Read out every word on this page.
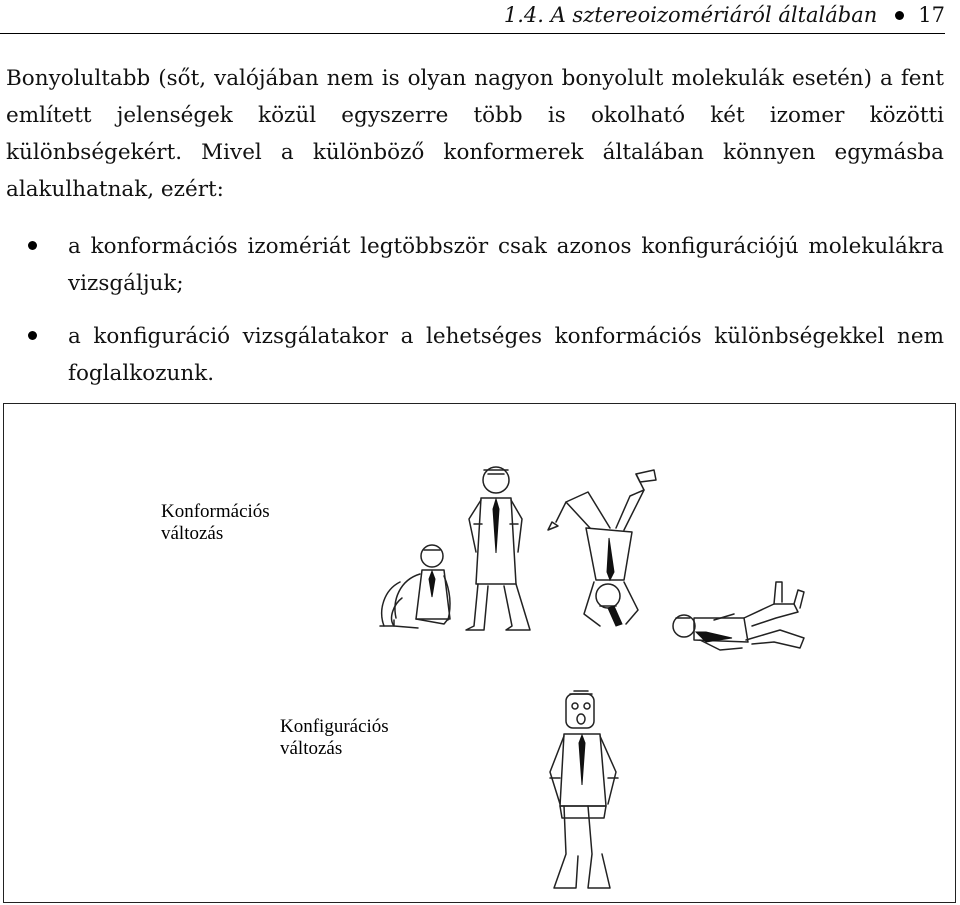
1.4. A sztereoizomériáról általában 17
Bonyolultabb (sőt, valójában nem is olyan nagyon bonyolult molekulák esetén) a fent említett jelenségek közül egyszerre több is okolható két izomer közötti különbségekért. Mivel a különböző konformerek általában könnyen egymásba alakulhatnak, ezért:
a konformációs izomériát legtöbbször csak azonos konfigurációjú molekulákra vizsgáljuk;
a konfiguráció vizsgálatakor a lehetséges konformációs különbségekkel nem foglalkozunk.
Konformációs
változás
Konfigurációs
változás
